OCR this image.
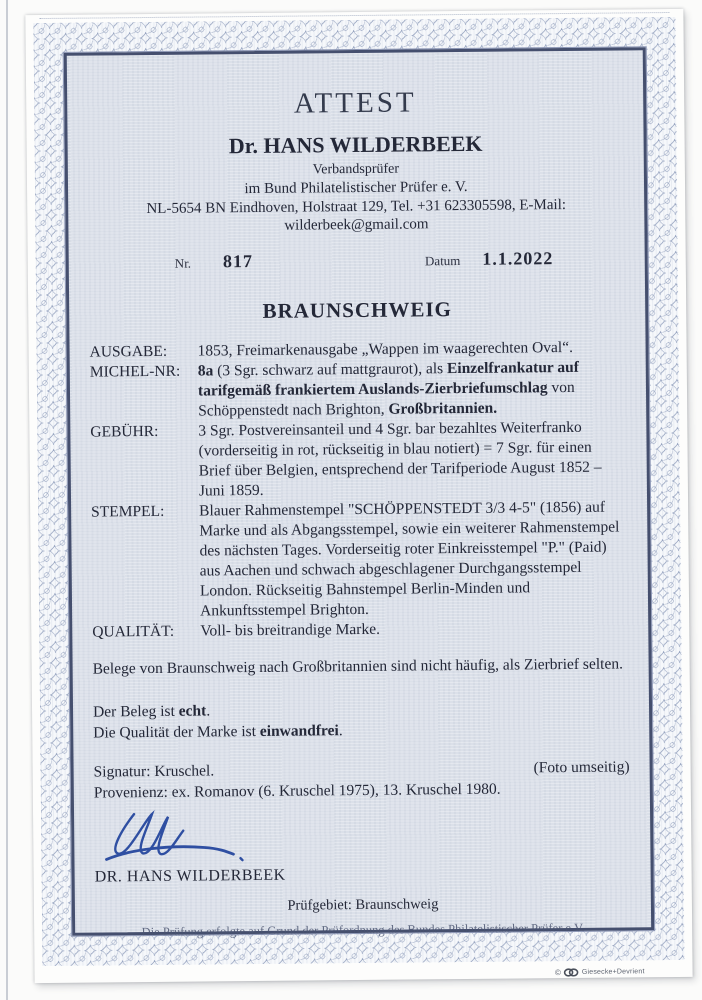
ATTEST
Dr. HANS WILDERBEEK
Verbandsprüfer
im Bund Philatelistischer Prüfer e. V.
NL-5654 BN Eindhoven, Holstraat 129, Tel. +31 623305598, E-Mail: wilderbeek@gmail.com
Nr. 817	Datum 1.1.2022
BRAUNSCHWEIG
AUSGABE:	1853, Freimarkenausgabe „Wappen im waagerechten Oval“.
MICHEL-NR:	8a (3 Sgr. schwarz auf mattgraurot), als Einzelfrankatur auf tarifgemäß frankiertem Auslands-Zierbriefumschlag von Schöppenstedt nach Brighton, Großbritannien.
GEBÜHR:	3 Sgr. Postvereinsanteil und 4 Sgr. bar bezahltes Weiterfranko (vorderseitig in rot, rückseitig in blau notiert) = 7 Sgr. für einen Brief über Belgien, entsprechend der Tarifperiode August 1852 – Juni 1859.
STEMPEL:	Blauer Rahmenstempel "SCHÖPPENSTEDT 3/3 4-5" (1856) auf Marke und als Abgangsstempel, sowie ein weiterer Rahmenstempel des nächsten Tages. Vorderseitig roter Einkreisstempel "P." (Paid) aus Aachen und schwach abgeschlagener Durchgangsstempel London. Rückseitig Bahnstempel Berlin-Minden und Ankunftsstempel Brighton.
QUALITÄT:	Voll- bis breitrandige Marke.

Belege von Braunschweig nach Großbritannien sind nicht häufig, als Zierbrief selten.

Der Beleg ist echt.

Die Qualität der Marke ist einwandfrei.

Signatur: Kruschel.	(Foto umseitig)
Provenienz: ex. Romanov (6. Kruschel 1975), 13. Kruschel 1980.
DR. HANS WILDERBEEK
Prüfgebiet: Braunschweig
Die Prüfung erfolgte auf Grund der Prüfordnung des Bundes Philatelistischer Prüfer e.V.
©	Giesecke+Devrient
